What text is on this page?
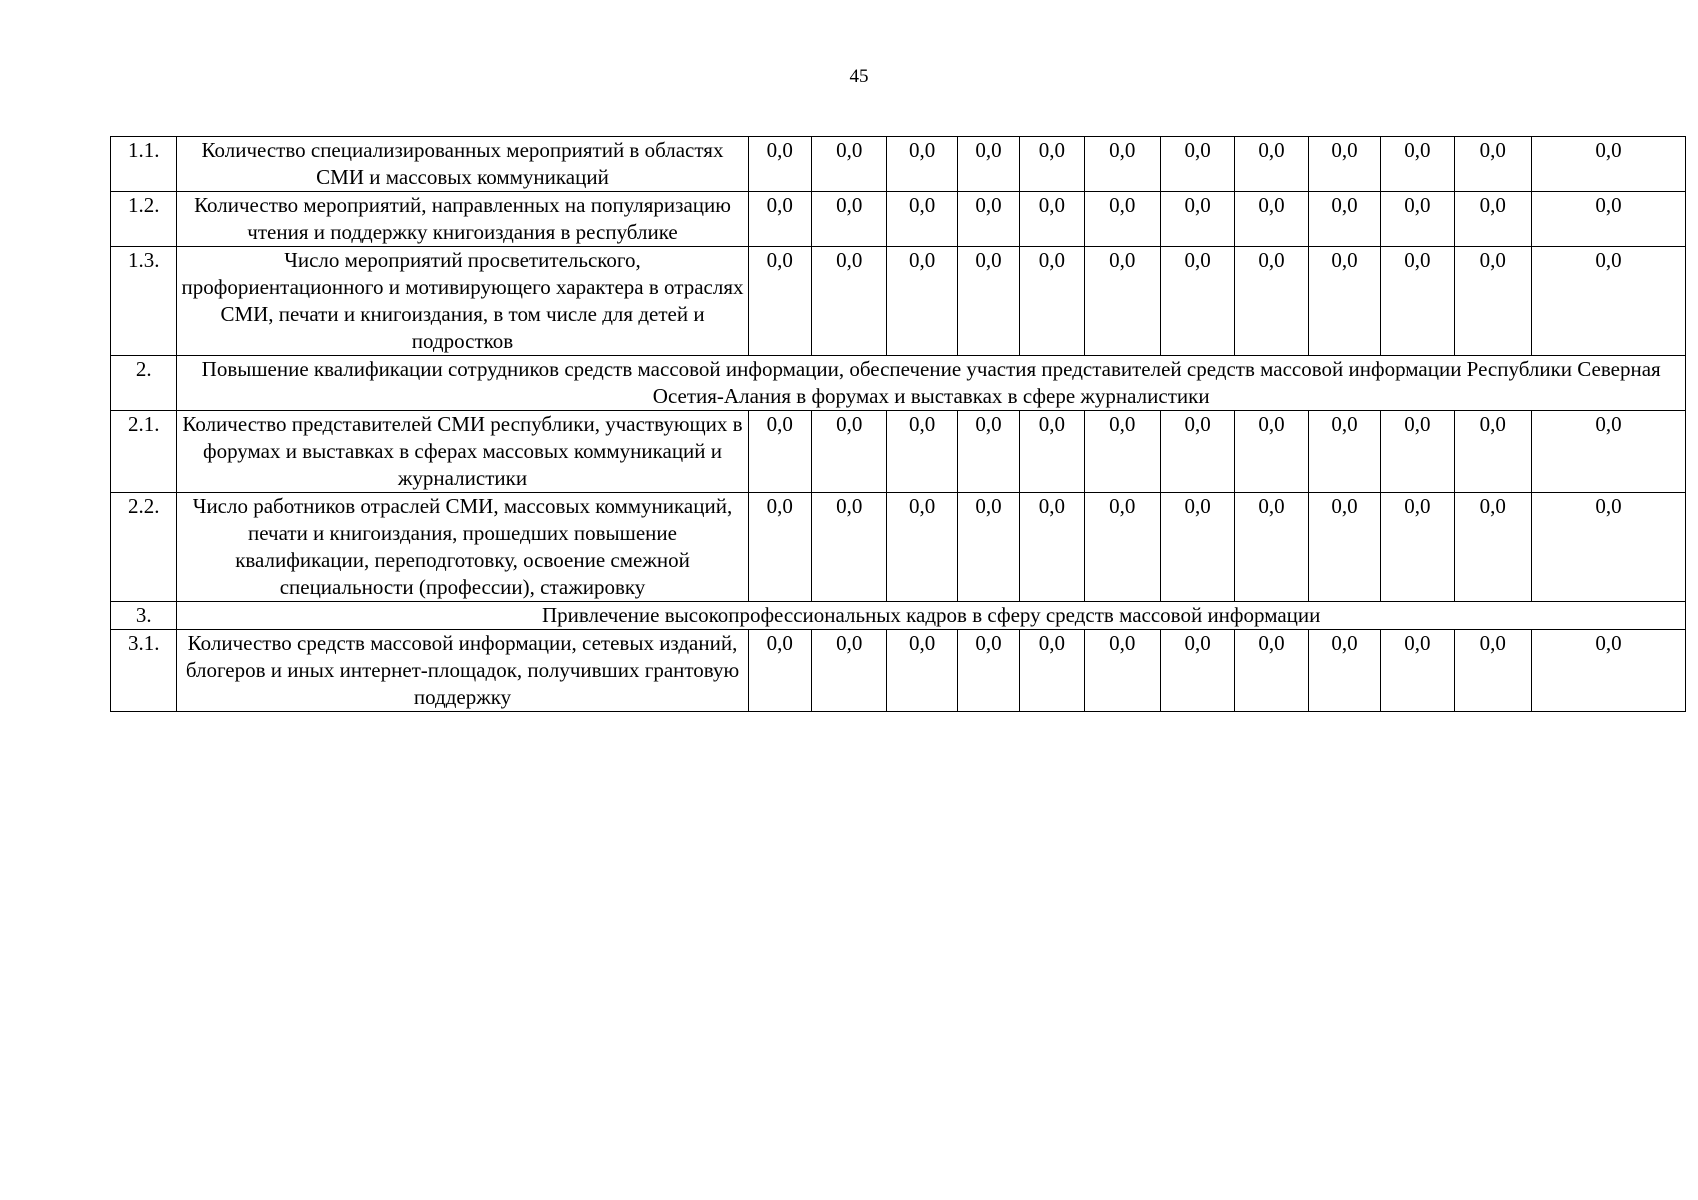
45
1.1.	Количество специализированных мероприятий в областях СМИ и массовых коммуникаций	0,0	0,0	0,0	0,0	0,0	0,0	0,0	0,0	0,0	0,0	0,0	0,0
1.2.	Количество мероприятий, направленных на популяризацию чтения и поддержку книгоиздания в республике	0,0	0,0	0,0	0,0	0,0	0,0	0,0	0,0	0,0	0,0	0,0	0,0
1.3.	Число мероприятий просветительского, профориентационного и мотивирующего характера в отраслях СМИ, печати и книгоиздания, в том числе для детей и подростков	0,0	0,0	0,0	0,0	0,0	0,0	0,0	0,0	0,0	0,0	0,0	0,0
2.	Повышение квалификации сотрудников средств массовой информации, обеспечение участия представителей средств массовой информации Республики Северная Осетия-Алания в форумах и выставках в сфере журналистики												
2.1.	Количество представителей СМИ республики, участвующих в форумах и выставках в сферах массовых коммуникаций и журналистики	0,0	0,0	0,0	0,0	0,0	0,0	0,0	0,0	0,0	0,0	0,0	0,0
2.2.	Число работников отраслей СМИ, массовых коммуникаций, печати и книгоиздания, прошедших повышение квалификации, переподготовку, освоение смежной специальности (профессии), стажировку	0,0	0,0	0,0	0,0	0,0	0,0	0,0	0,0	0,0	0,0	0,0	0,0
3.	Привлечение высокопрофессиональных кадров в сферу средств массовой информации												
3.1.	Количество средств массовой информации, сетевых изданий, блогеров и иных интернет-площадок, получивших грантовую поддержку	0,0	0,0	0,0	0,0	0,0	0,0	0,0	0,0	0,0	0,0	0,0	0,0
